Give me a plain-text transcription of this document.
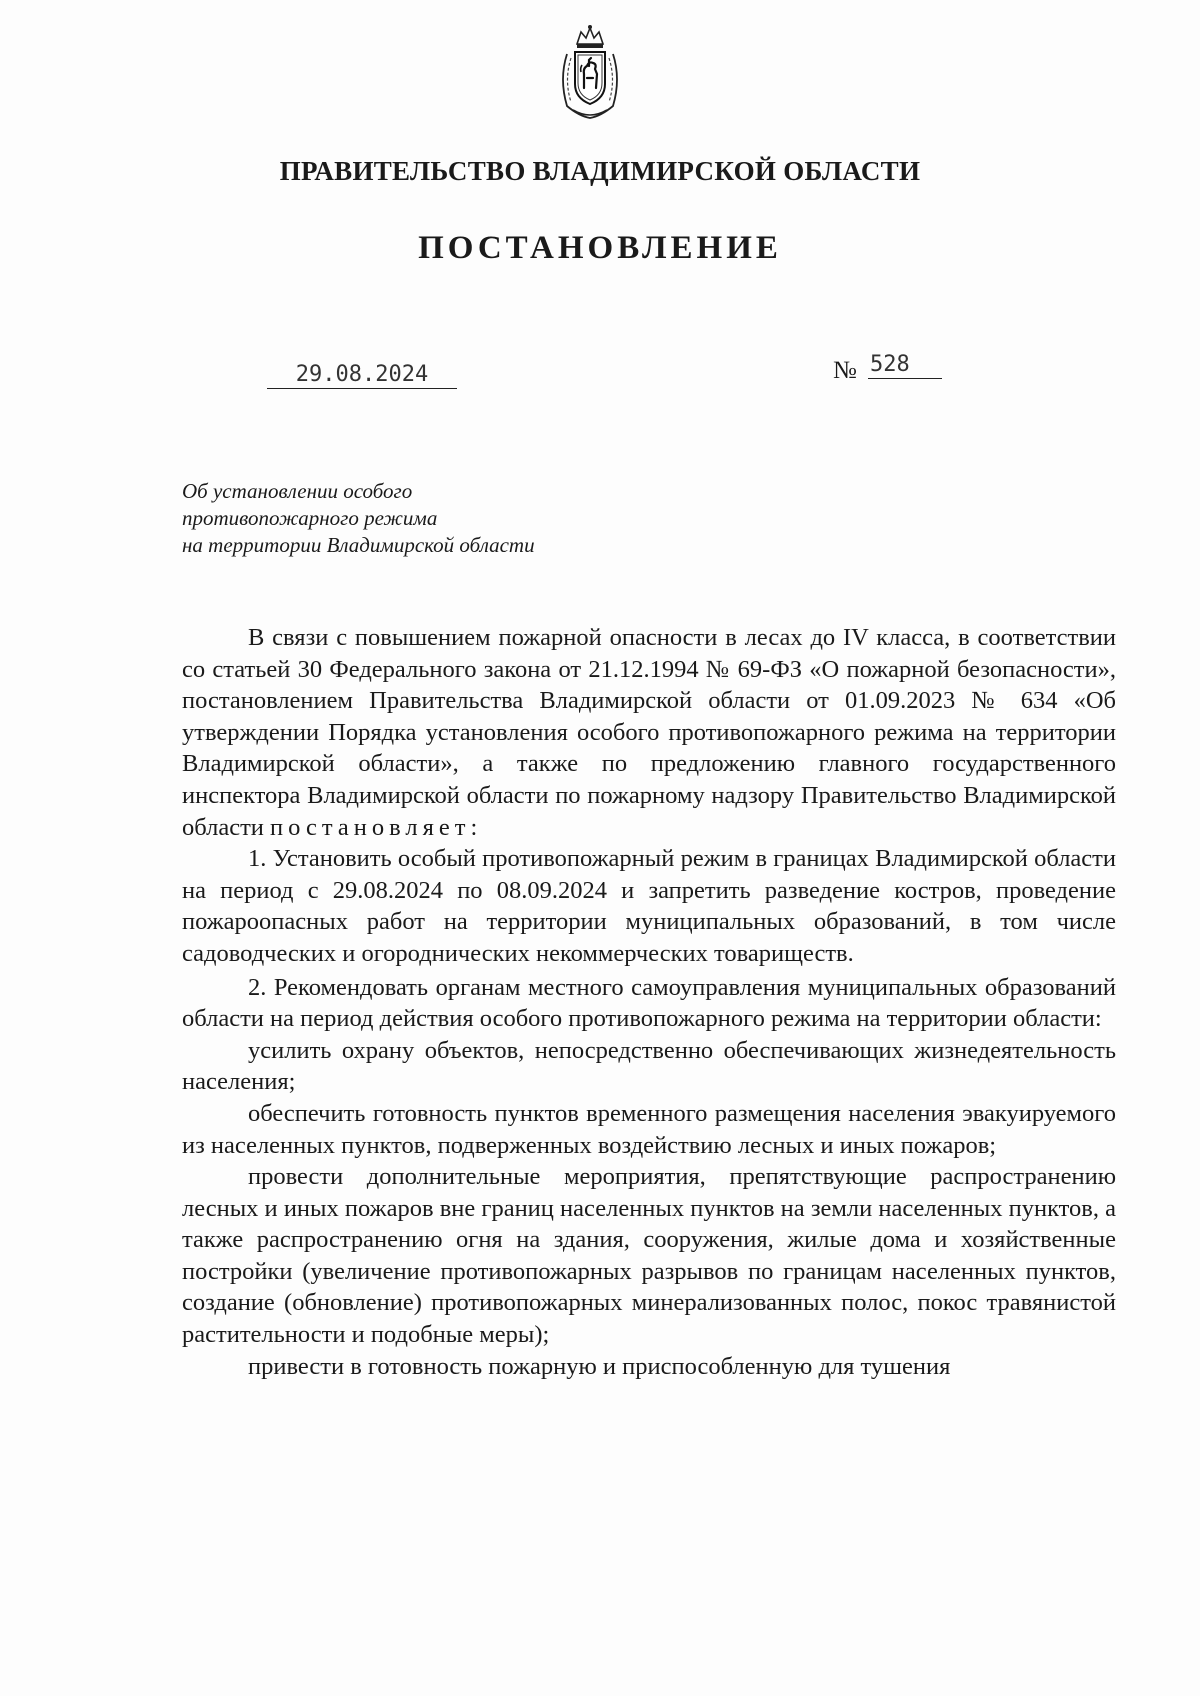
ПРАВИТЕЛЬСТВО ВЛАДИМИРСКОЙ ОБЛАСТИ
ПОСТАНОВЛЕНИЕ
29.08.2024	№ 528
Об установлении особого
противопожарного режима
на территории Владимирской области

В связи с повышением пожарной опасности в лесах до IV класса, в соответствии со статьей 30 Федерального закона от 21.12.1994 № 69-ФЗ «О пожарной безопасности», постановлением Правительства Владимирской области от 01.09.2023 № 634 «Об утверждении Порядка установления особого противопожарного режима на территории Владимирской области», а также по предложению главного государственного инспектора Владимирской области по пожарному надзору Правительство Владимирской области постановляет:

1. Установить особый противопожарный режим в границах Владимирской области на период с 29.08.2024 по 08.09.2024 и запретить разведение костров, проведение пожароопасных работ на территории муниципальных образований, в том числе садоводческих и огороднических некоммерческих товариществ.

2. Рекомендовать органам местного самоуправления муниципальных образований области на период действия особого противопожарного режима на территории области:

усилить охрану объектов, непосредственно обеспечивающих жизнедеятельность населения;

обеспечить готовность пунктов временного размещения населения эвакуируемого из населенных пунктов, подверженных воздействию лесных и иных пожаров;

провести дополнительные мероприятия, препятствующие распространению лесных и иных пожаров вне границ населенных пунктов на земли населенных пунктов, а также распространению огня на здания, сооружения, жилые дома и хозяйственные постройки (увеличение противопожарных разрывов по границам населенных пунктов, создание (обновление) противопожарных минерализованных полос, покос травянистой растительности и подобные меры);

привести в готовность пожарную и приспособленную для тушения
